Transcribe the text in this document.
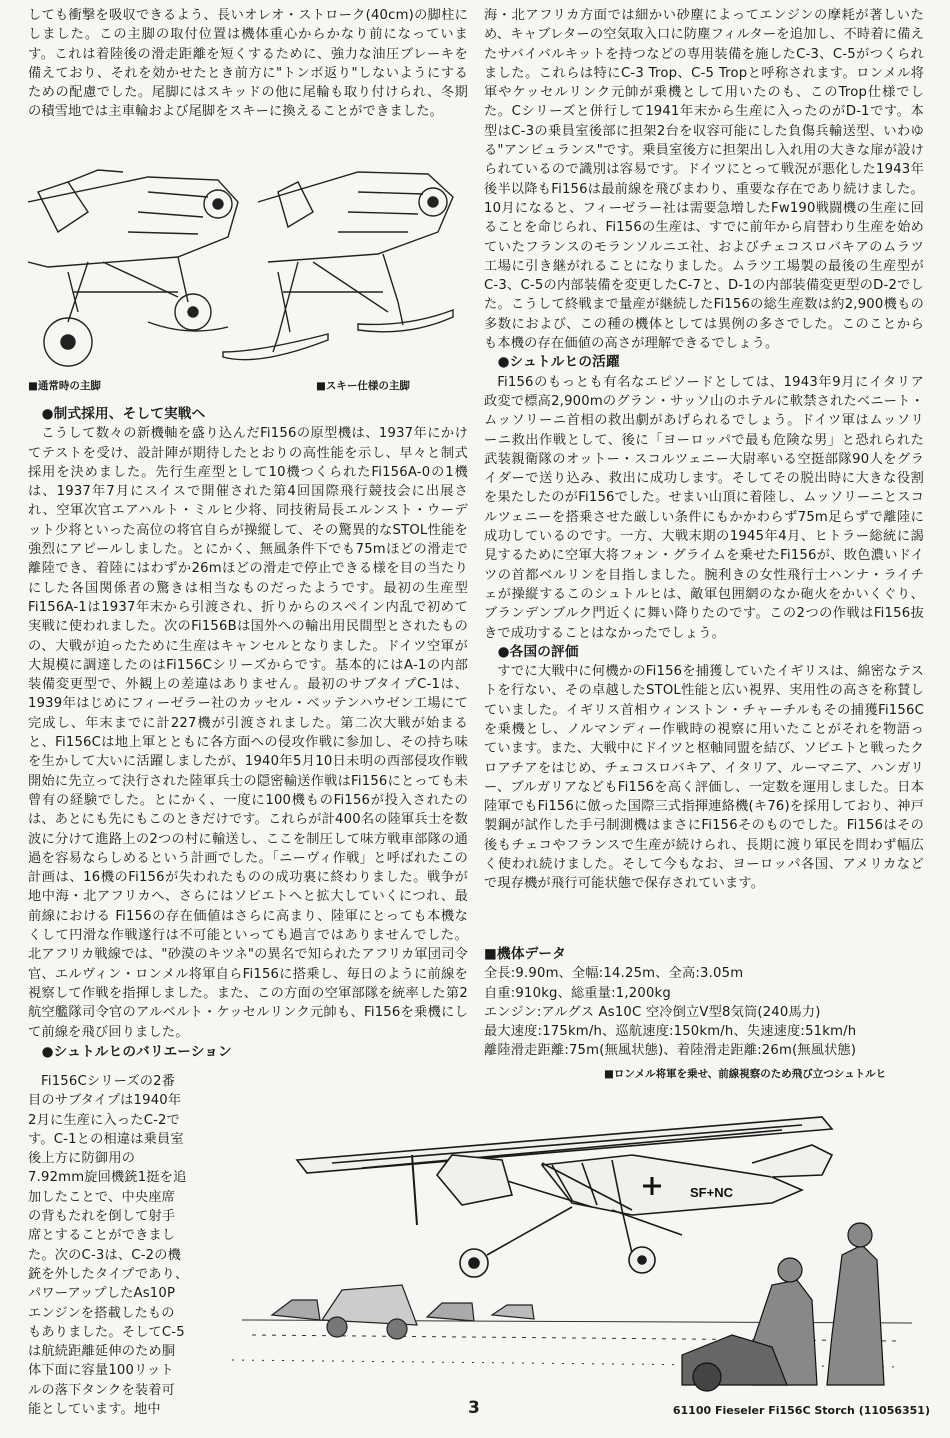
しても衝撃を吸収できるよう、長いオレオ・ストローク(40cm)の脚柱にしました。この主脚の取付位置は機体重心からかなり前になっています。これは着陸後の滑走距離を短くするために、強力な油圧ブレーキを備えており、それを効かせたとき前方に"トンボ返り"しないようにするための配慮でした。尾脚にはスキッドの他に尾輪も取り付けられ、冬期の積雪地では主車輪および尾脚をスキーに換えることができました。

■通常時の主脚	■スキー仕様の主脚

●制式採用、そして実戦へ

こうして数々の新機軸を盛り込んだFi156の原型機は、1937年にかけてテストを受け、設計陣が期待したとおりの高性能を示し、早々と制式採用を決めました。先行生産型として10機つくられたFi156A-0の1機は、1937年7月にスイスで開催された第4回国際飛行競技会に出展され、空軍次官エアハルト・ミルヒ少将、同技術局長エルンスト・ウーデット少将といった高位の将官自らが操縦して、その驚異的なSTOL性能を強烈にアピールしました。とにかく、無風条件下でも75mほどの滑走で離陸でき、着陸にはわずか26mほどの滑走で停止できる様を目の当たりにした各国関係者の驚きは相当なものだったようです。最初の生産型Fi156A-1は1937年末から引渡され、折りからのスペイン内乱で初めて実戦に使われました。次のFi156Bは国外への輸出用民間型とされたものの、大戦が迫ったために生産はキャンセルとなりました。ドイツ空軍が大規模に調達したのはFi156Cシリーズからです。基本的にはA-1の内部装備変更型で、外観上の差違はありません。最初のサブタイプC-1は、1939年はじめにフィーゼラー社のカッセル・ベッテンハウゼン工場にて完成し、年末までに計227機が引渡されました。第二次大戦が始まると、Fi156Cは地上軍とともに各方面への侵攻作戦に参加し、その持ち味を生かして大いに活躍しましたが、1940年5月10日未明の西部侵攻作戦開始に先立って決行された陸軍兵士の隠密輸送作戦はFi156にとっても未曾有の経験でした。とにかく、一度に100機ものFi156が投入されたのは、あとにも先にもこのときだけです。これらが計400名の陸軍兵士を数波に分けて進路上の2つの村に輸送し、ここを制圧して味方戦車部隊の通過を容易ならしめるという計画でした。「ニーヴィ作戦」と呼ばれたこの計画は、16機のFi156が失われたものの成功裏に終わりました。戦争が地中海・北アフリカへ、さらにはソビエトへと拡大していくにつれ、最前線における Fi156の存在価値はさらに高まり、陸軍にとっても本機なくして円滑な作戦遂行は不可能といっても過言ではありませんでした。北アフリカ戦線では、"砂漠のキツネ"の異名で知られたアフリカ軍団司令官、エルヴィン・ロンメル将軍自らFi156に搭乗し、毎日のように前線を視察して作戦を指揮しました。また、この方面の空軍部隊を統率した第2航空艦隊司令官のアルベルト・ケッセルリンク元帥も、Fi156を乗機にして前線を飛び回りました。

●シュトルヒのバリエーション

Fi156Cシリーズの2番
目のサブタイプは1940年
2月に生産に入ったC-2で
す。C-1との相違は乗員室
後上方に防御用の
7.92mm旋回機銃1挺を追
加したことで、中央座席
の背もたれを倒して射手
席とすることができまし
た。次のC-3は、C-2の機
銃を外したタイプであり、
パワーアップしたAs10P
エンジンを搭載したもの
もありました。そしてC-5
は航続距離延伸のため胴
体下面に容量100リット
ルの落下タンクを装着可
能としています。地中

海・北アフリカ方面では細かい砂塵によってエンジンの摩耗が著しいため、キャブレターの空気取入口に防塵フィルターを追加し、不時着に備えたサバイバルキットを持つなどの専用装備を施したC-3、C-5がつくられました。これらは特にC-3 Trop、C-5 Tropと呼称されます。ロンメル将軍やケッセルリンク元帥が乗機として用いたのも、このTrop仕様でした。Cシリーズと併行して1941年末から生産に入ったのがD-1です。本型はC-3の乗員室後部に担架2台を収容可能にした負傷兵輸送型、いわゆる"アンビュランス"です。乗員室後方に担架出し入れ用の大きな扉が設けられているので識別は容易です。ドイツにとって戦況が悪化した1943年後半以降もFi156は最前線を飛びまわり、重要な存在であり続けました。10月になると、フィーゼラー社は需要急増したFw190戦闘機の生産に回ることを命じられ、Fi156の生産は、すでに前年から肩替わり生産を始めていたフランスのモランソルニエ社、およびチェコスロバキアのムラツ工場に引き継がれることになりました。ムラツ工場製の最後の生産型がC-3、C-5の内部装備を変更したC-7と、D-1の内部装備変更型のD-2でした。こうして終戦まで量産が継続したFi156の総生産数は約2,900機もの多数におよび、この種の機体としては異例の多さでした。このことからも本機の存在価値の高さが理解できるでしょう。

●シュトルヒの活躍

Fi156のもっとも有名なエピソードとしては、1943年9月にイタリア政変で標高2,900mのグラン・サッソ山のホテルに軟禁されたベニート・ムッソリーニ首相の救出劇があげられるでしょう。ドイツ軍はムッソリーニ救出作戦として、後に「ヨーロッパで最も危険な男」と恐れられた武装親衛隊のオットー・スコルツェニー大尉率いる空挺部隊90人をグライダーで送り込み、救出に成功します。そしてその脱出時に大きな役割を果たしたのがFi156でした。せまい山頂に着陸し、ムッソリーニとスコルツェニーを搭乗させた厳しい条件にもかかわらず75m足らずで離陸に成功しているのです。一方、大戦末期の1945年4月、ヒトラー総統に謁見するために空軍大将フォン・グライムを乗せたFi156が、敗色濃いドイツの首都ベルリンを目指しました。腕利きの女性飛行士ハンナ・ライチェが操縦するこのシュトルヒは、敵軍包囲網のなか砲火をかいくぐり、ブランデンブルク門近くに舞い降りたのです。この2つの作戦はFi156抜きで成功することはなかったでしょう。

●各国の評価

すでに大戦中に何機かのFi156を捕獲していたイギリスは、綿密なテストを行ない、その卓越したSTOL性能と広い視界、実用性の高さを称賛していました。イギリス首相ウィンストン・チャーチルもその捕獲Fi156Cを乗機とし、ノルマンディー作戦時の視察に用いたことがそれを物語っています。また、大戦中にドイツと枢軸同盟を結び、ソビエトと戦ったクロアチアをはじめ、チェコスロバキア、イタリア、ルーマニア、ハンガリー、ブルガリアなどもFi156を高く評価し、一定数を運用しました。日本陸軍でもFi156に倣った国際三式指揮連絡機(キ76)を採用しており、神戸製鋼が試作した手弓制測機はまさにFi156そのものでした。Fi156はその後もチェコやフランスで生産が続けられ、長期に渡り軍民を問わず幅広く使われ続けました。そして今もなお、ヨーロッパ各国、アメリカなどで現存機が飛行可能状態で保存されています。

■機体データ
全長:9.90m、全幅:14.25m、全高:3.05m
自重:910kg、総重量:1,200kg
エンジン:アルグス As10C 空冷倒立V型8気筒(240馬力)
最大速度:175km/h、巡航速度:150km/h、失速速度:51km/h
離陸滑走距離:75m(無風状態)、着陸滑走距離:26m(無風状態)
■ロンメル将軍を乗せ、前線視察のため飛び立つシュトルヒ
SF+NC
3	61100 Fieseler Fi156C Storch (11056351)
